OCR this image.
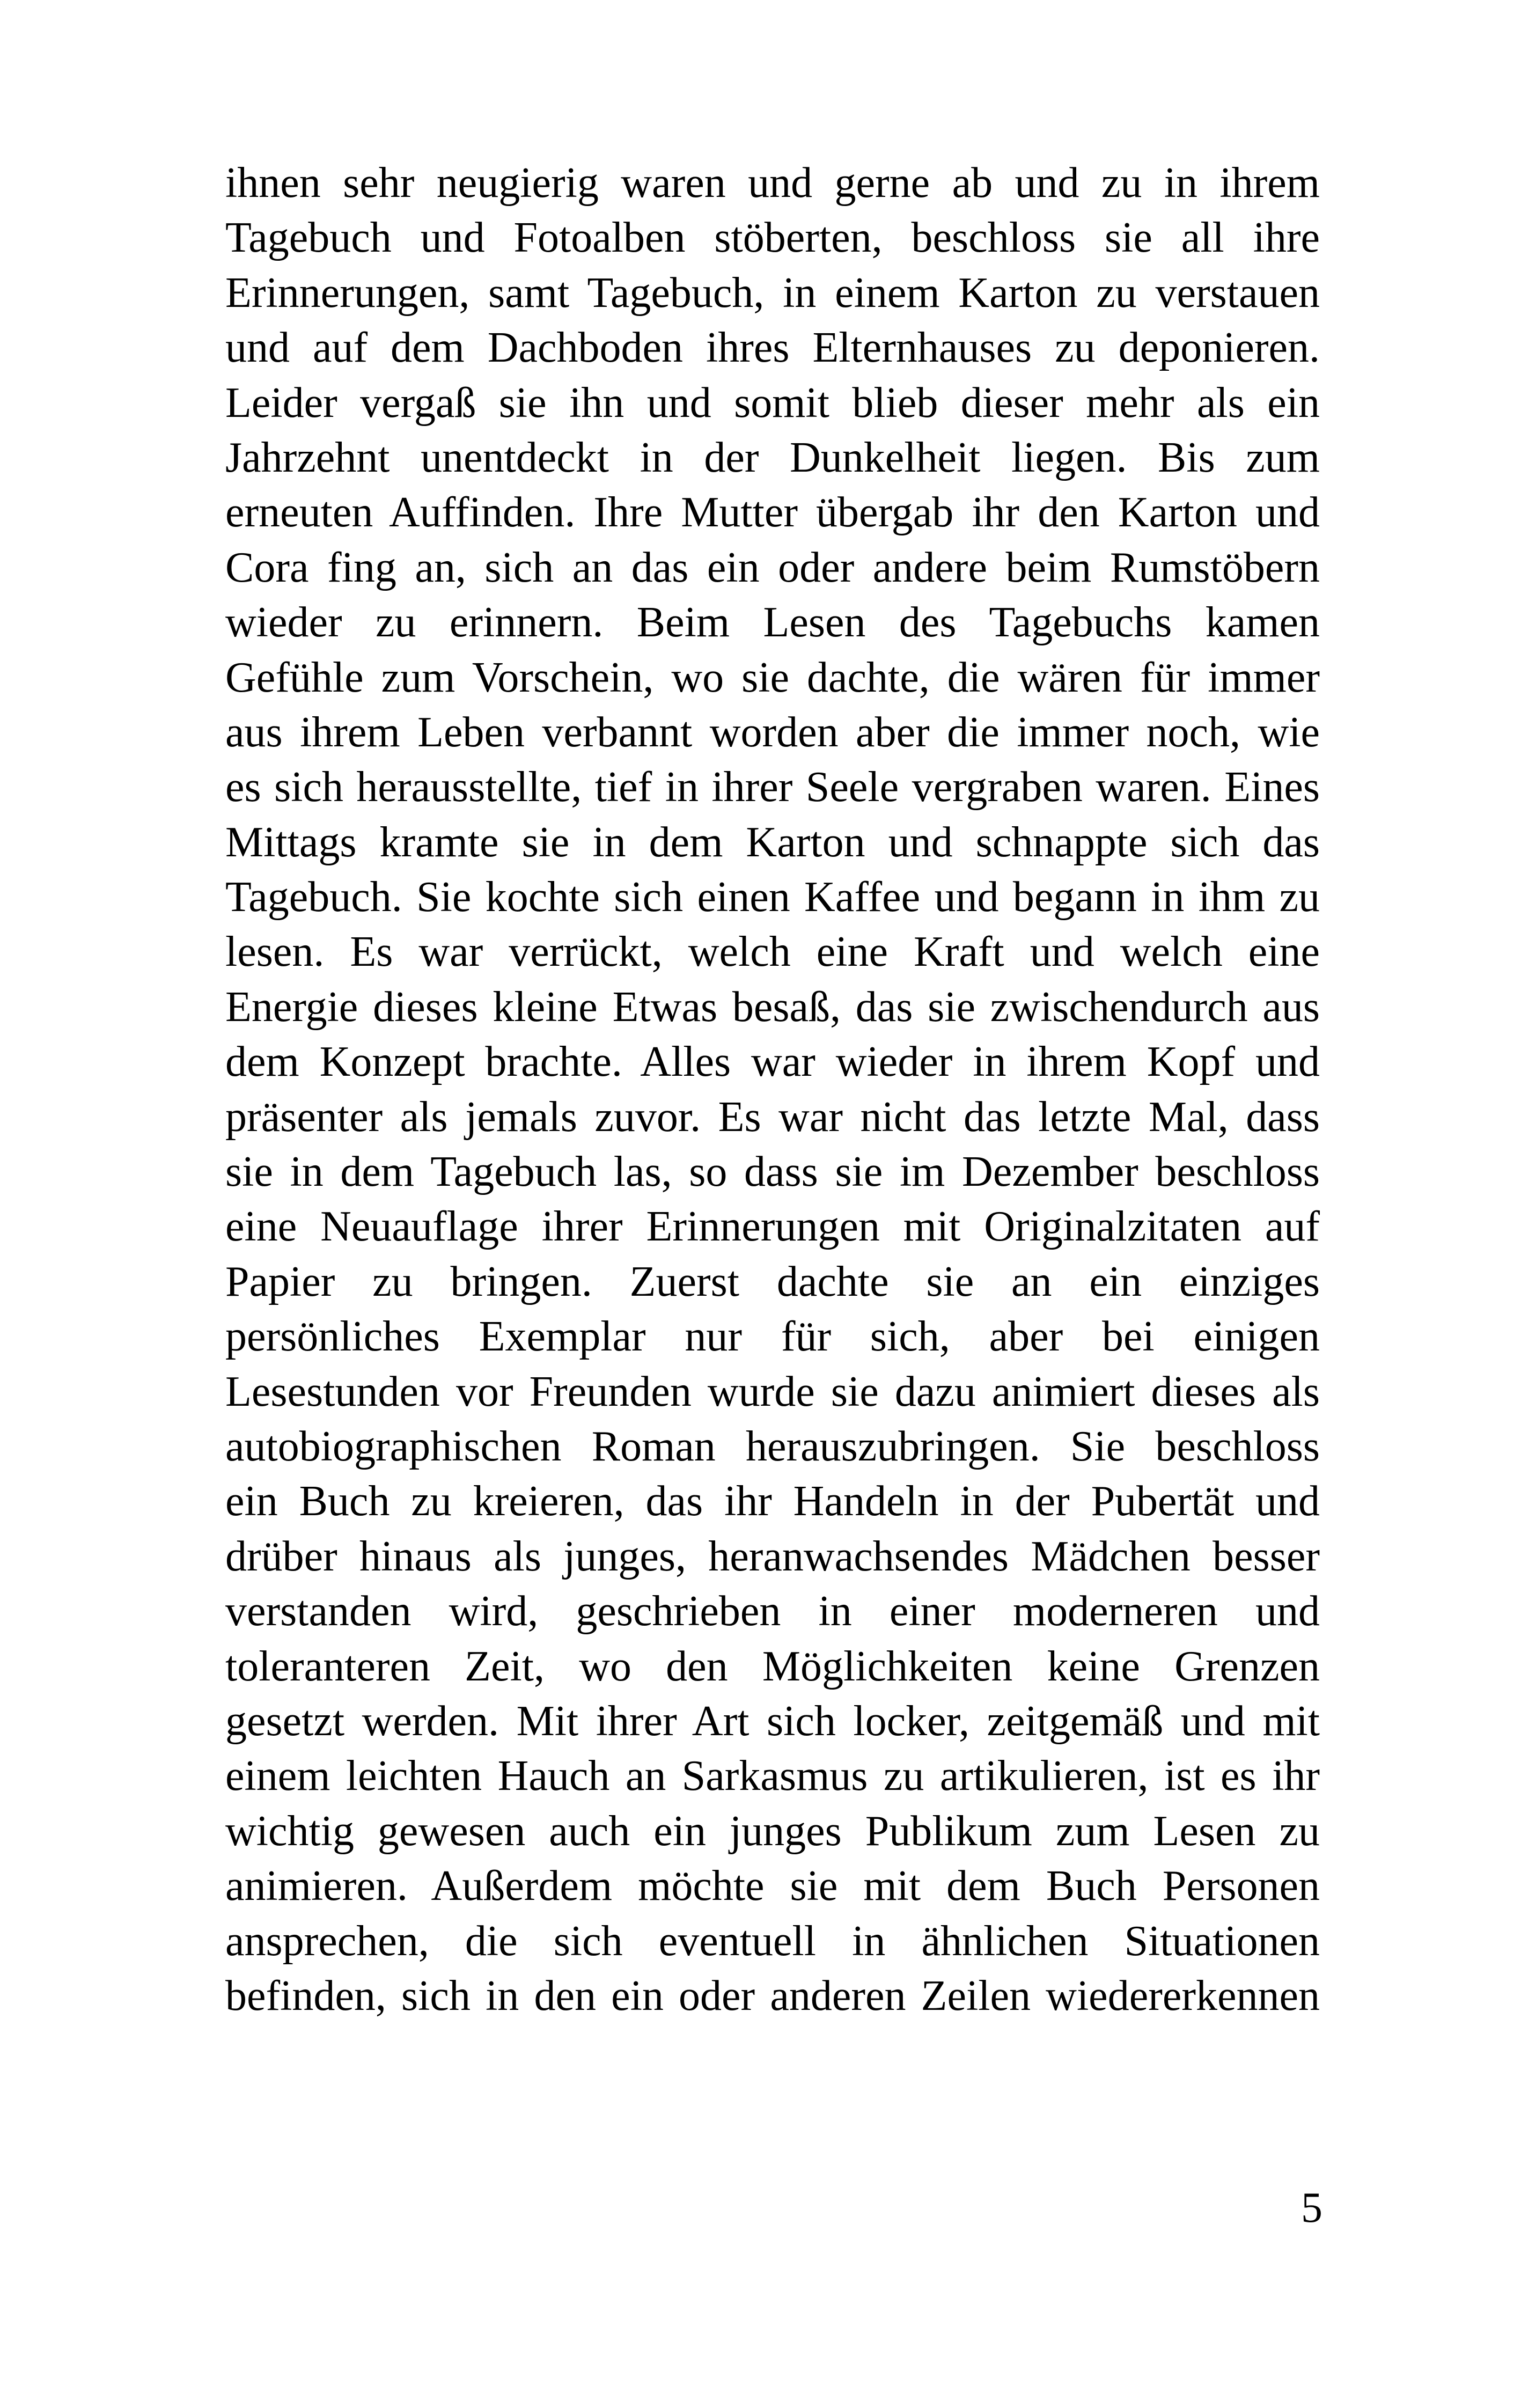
ihnen sehr neugierig waren und gerne ab und zu in ihrem
Tagebuch und Fotoalben stöberten, beschloss sie all ihre
Erinnerungen, samt Tagebuch, in einem Karton zu verstauen
und auf dem Dachboden ihres Elternhauses zu deponieren.
Leider vergaß sie ihn und somit blieb dieser mehr als ein
Jahrzehnt unentdeckt in der Dunkelheit liegen. Bis zum
erneuten Auffinden. Ihre Mutter übergab ihr den Karton und
Cora fing an, sich an das ein oder andere beim Rumstöbern
wieder zu erinnern. Beim Lesen des Tagebuchs kamen
Gefühle zum Vorschein, wo sie dachte, die wären für immer
aus ihrem Leben verbannt worden aber die immer noch, wie
es sich herausstellte, tief in ihrer Seele vergraben waren. Eines
Mittags kramte sie in dem Karton und schnappte sich das
Tagebuch. Sie kochte sich einen Kaffee und begann in ihm zu
lesen. Es war verrückt, welch eine Kraft und welch eine
Energie dieses kleine Etwas besaß, das sie zwischendurch aus
dem Konzept brachte. Alles war wieder in ihrem Kopf und
präsenter als jemals zuvor. Es war nicht das letzte Mal, dass
sie in dem Tagebuch las, so dass sie im Dezember beschloss
eine Neuauflage ihrer Erinnerungen mit Originalzitaten auf
Papier zu bringen. Zuerst dachte sie an ein einziges
persönliches Exemplar nur für sich, aber bei einigen
Lesestunden vor Freunden wurde sie dazu animiert dieses als
autobiographischen Roman herauszubringen. Sie beschloss
ein Buch zu kreieren, das ihr Handeln in der Pubertät und
drüber hinaus als junges, heranwachsendes Mädchen besser
verstanden wird, geschrieben in einer moderneren und
toleranteren Zeit, wo den Möglichkeiten keine Grenzen
gesetzt werden. Mit ihrer Art sich locker, zeitgemäß und mit
einem leichten Hauch an Sarkasmus zu artikulieren, ist es ihr
wichtig gewesen auch ein junges Publikum zum Lesen zu
animieren. Außerdem möchte sie mit dem Buch Personen
ansprechen, die sich eventuell in ähnlichen Situationen
befinden, sich in den ein oder anderen Zeilen wiedererkennen
5
